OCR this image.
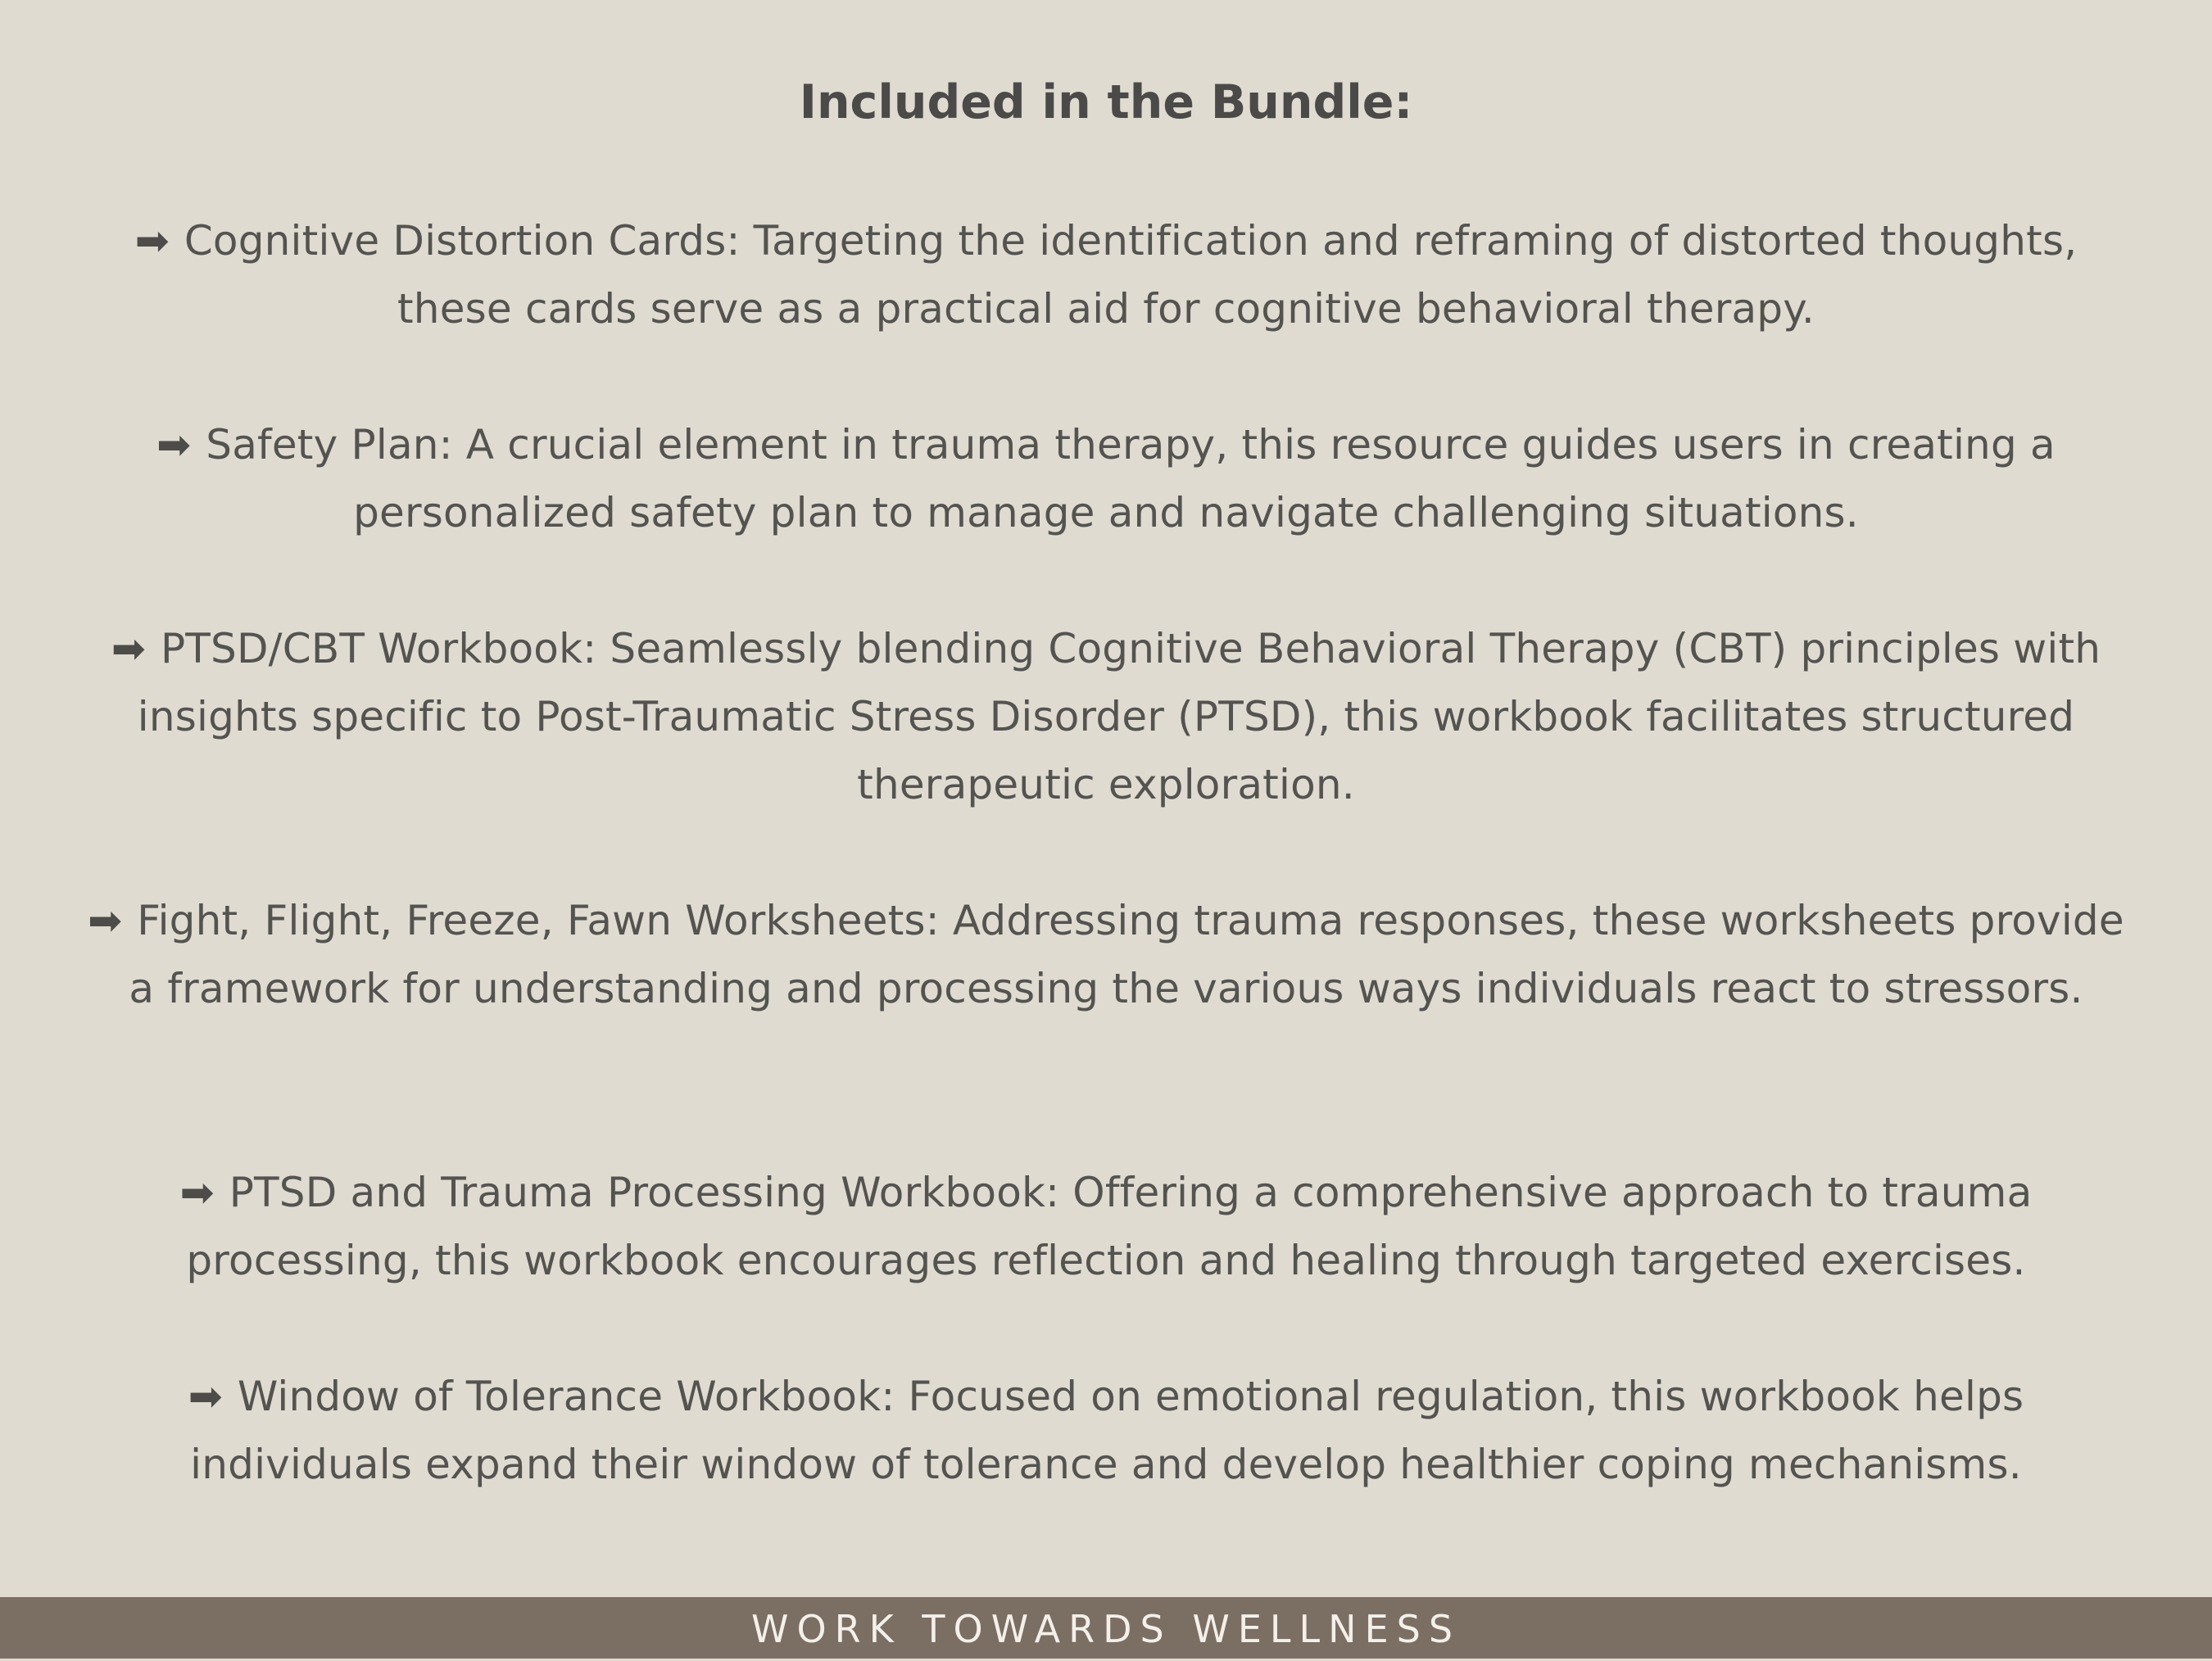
Included in the Bundle:
➡ Cognitive Distortion Cards: Targeting the identification and reframing of distorted thoughts, these cards serve as a practical aid for cognitive behavioral therapy.
➡ Safety Plan: A crucial element in trauma therapy, this resource guides users in creating a personalized safety plan to manage and navigate challenging situations.
➡ PTSD/CBT Workbook: Seamlessly blending Cognitive Behavioral Therapy (CBT) principles with insights specific to Post-Traumatic Stress Disorder (PTSD), this workbook facilitates structured therapeutic exploration.
➡ Fight, Flight, Freeze, Fawn Worksheets: Addressing trauma responses, these worksheets provide a framework for understanding and processing the various ways individuals react to stressors.
➡ PTSD and Trauma Processing Workbook: Offering a comprehensive approach to trauma processing, this workbook encourages reflection and healing through targeted exercises.
➡ Window of Tolerance Workbook: Focused on emotional regulation, this workbook helps individuals expand their window of tolerance and develop healthier coping mechanisms.
WORK TOWARDS WELLNESS
